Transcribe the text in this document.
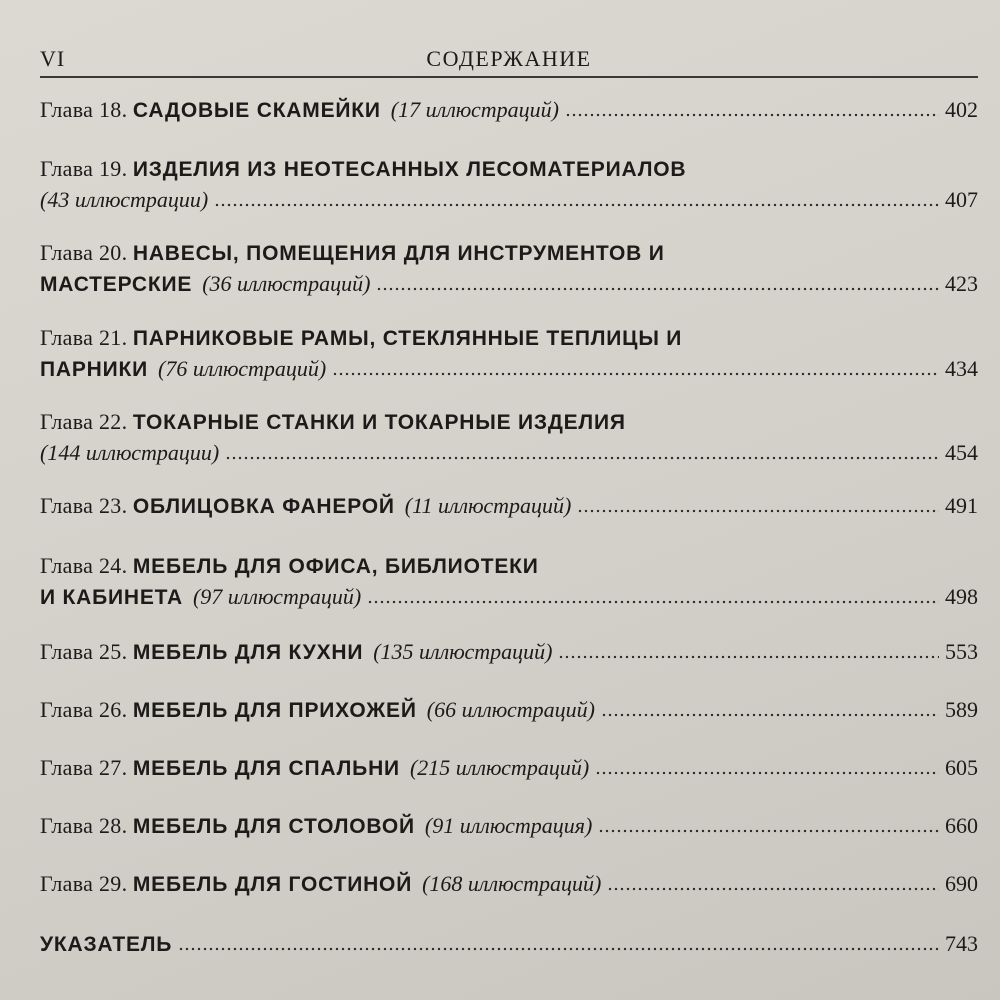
VI	СОДЕРЖАНИЕ
Глава 18. САДОВЫЕ СКАМЕЙКИ (17 иллюстраций)	402
Глава 19. ИЗДЕЛИЯ ИЗ НЕОТЕСАННЫХ ЛЕСОМАТЕРИАЛОВ
(43 иллюстрации)	407
Глава 20. НАВЕСЫ, ПОМЕЩЕНИЯ ДЛЯ ИНСТРУМЕНТОВ И
МАСТЕРСКИЕ (36 иллюстраций)	423
Глава 21. ПАРНИКОВЫЕ РАМЫ, СТЕКЛЯННЫЕ ТЕПЛИЦЫ И
ПАРНИКИ (76 иллюстраций)	434
Глава 22. ТОКАРНЫЕ СТАНКИ И ТОКАРНЫЕ ИЗДЕЛИЯ
(144 иллюстрации)	454
Глава 23. ОБЛИЦОВКА ФАНЕРОЙ (11 иллюстраций)	491
Глава 24. МЕБЕЛЬ ДЛЯ ОФИСА, БИБЛИОТЕКИ
И КАБИНЕТА (97 иллюстраций)	498
Глава 25. МЕБЕЛЬ ДЛЯ КУХНИ (135 иллюстраций)	553
Глава 26. МЕБЕЛЬ ДЛЯ ПРИХОЖЕЙ (66 иллюстраций)	589
Глава 27. МЕБЕЛЬ ДЛЯ СПАЛЬНИ (215 иллюстраций)	605
Глава 28. МЕБЕЛЬ ДЛЯ СТОЛОВОЙ (91 иллюстрация)	660
Глава 29. МЕБЕЛЬ ДЛЯ ГОСТИНОЙ (168 иллюстраций)	690
УКАЗАТЕЛЬ	743
